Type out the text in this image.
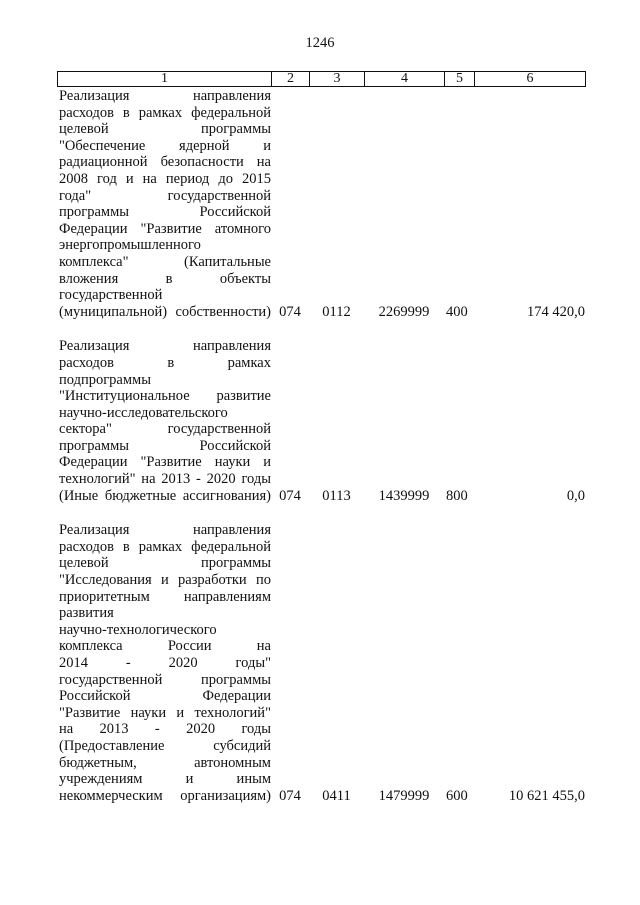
1246
1	2	3	4	5	6
Реализация направления
расходов в рамках федеральной
целевой программы
"Обеспечение ядерной и
радиационной безопасности на
2008 год и на период до 2015
года" государственной
программы Российской
Федерации "Развитие атомного
энергопромышленного
комплекса" (Капитальные
вложения в объекты
государственной
(муниципальной) собственности) 074	0112	2269999	400	174 420,0
Реализация направления
расходов в рамках
подпрограммы
"Институциональное развитие
научно-исследовательского
сектора" государственной
программы Российской
Федерации "Развитие науки и
технологий" на 2013 - 2020 годы
(Иные бюджетные ассигнования) 074	0113	1439999	800	0,0
Реализация направления
расходов в рамках федеральной
целевой программы
"Исследования и разработки по
приоритетным направлениям
развития
научно-технологического
комплекса России на
2014 - 2020 годы"
государственной программы
Российской Федерации
"Развитие науки и технологий"
на 2013 - 2020 годы
(Предоставление субсидий
бюджетным, автономным
учреждениям и иным
некоммерческим организациям) 074	0411	1479999	600	10 621 455,0
